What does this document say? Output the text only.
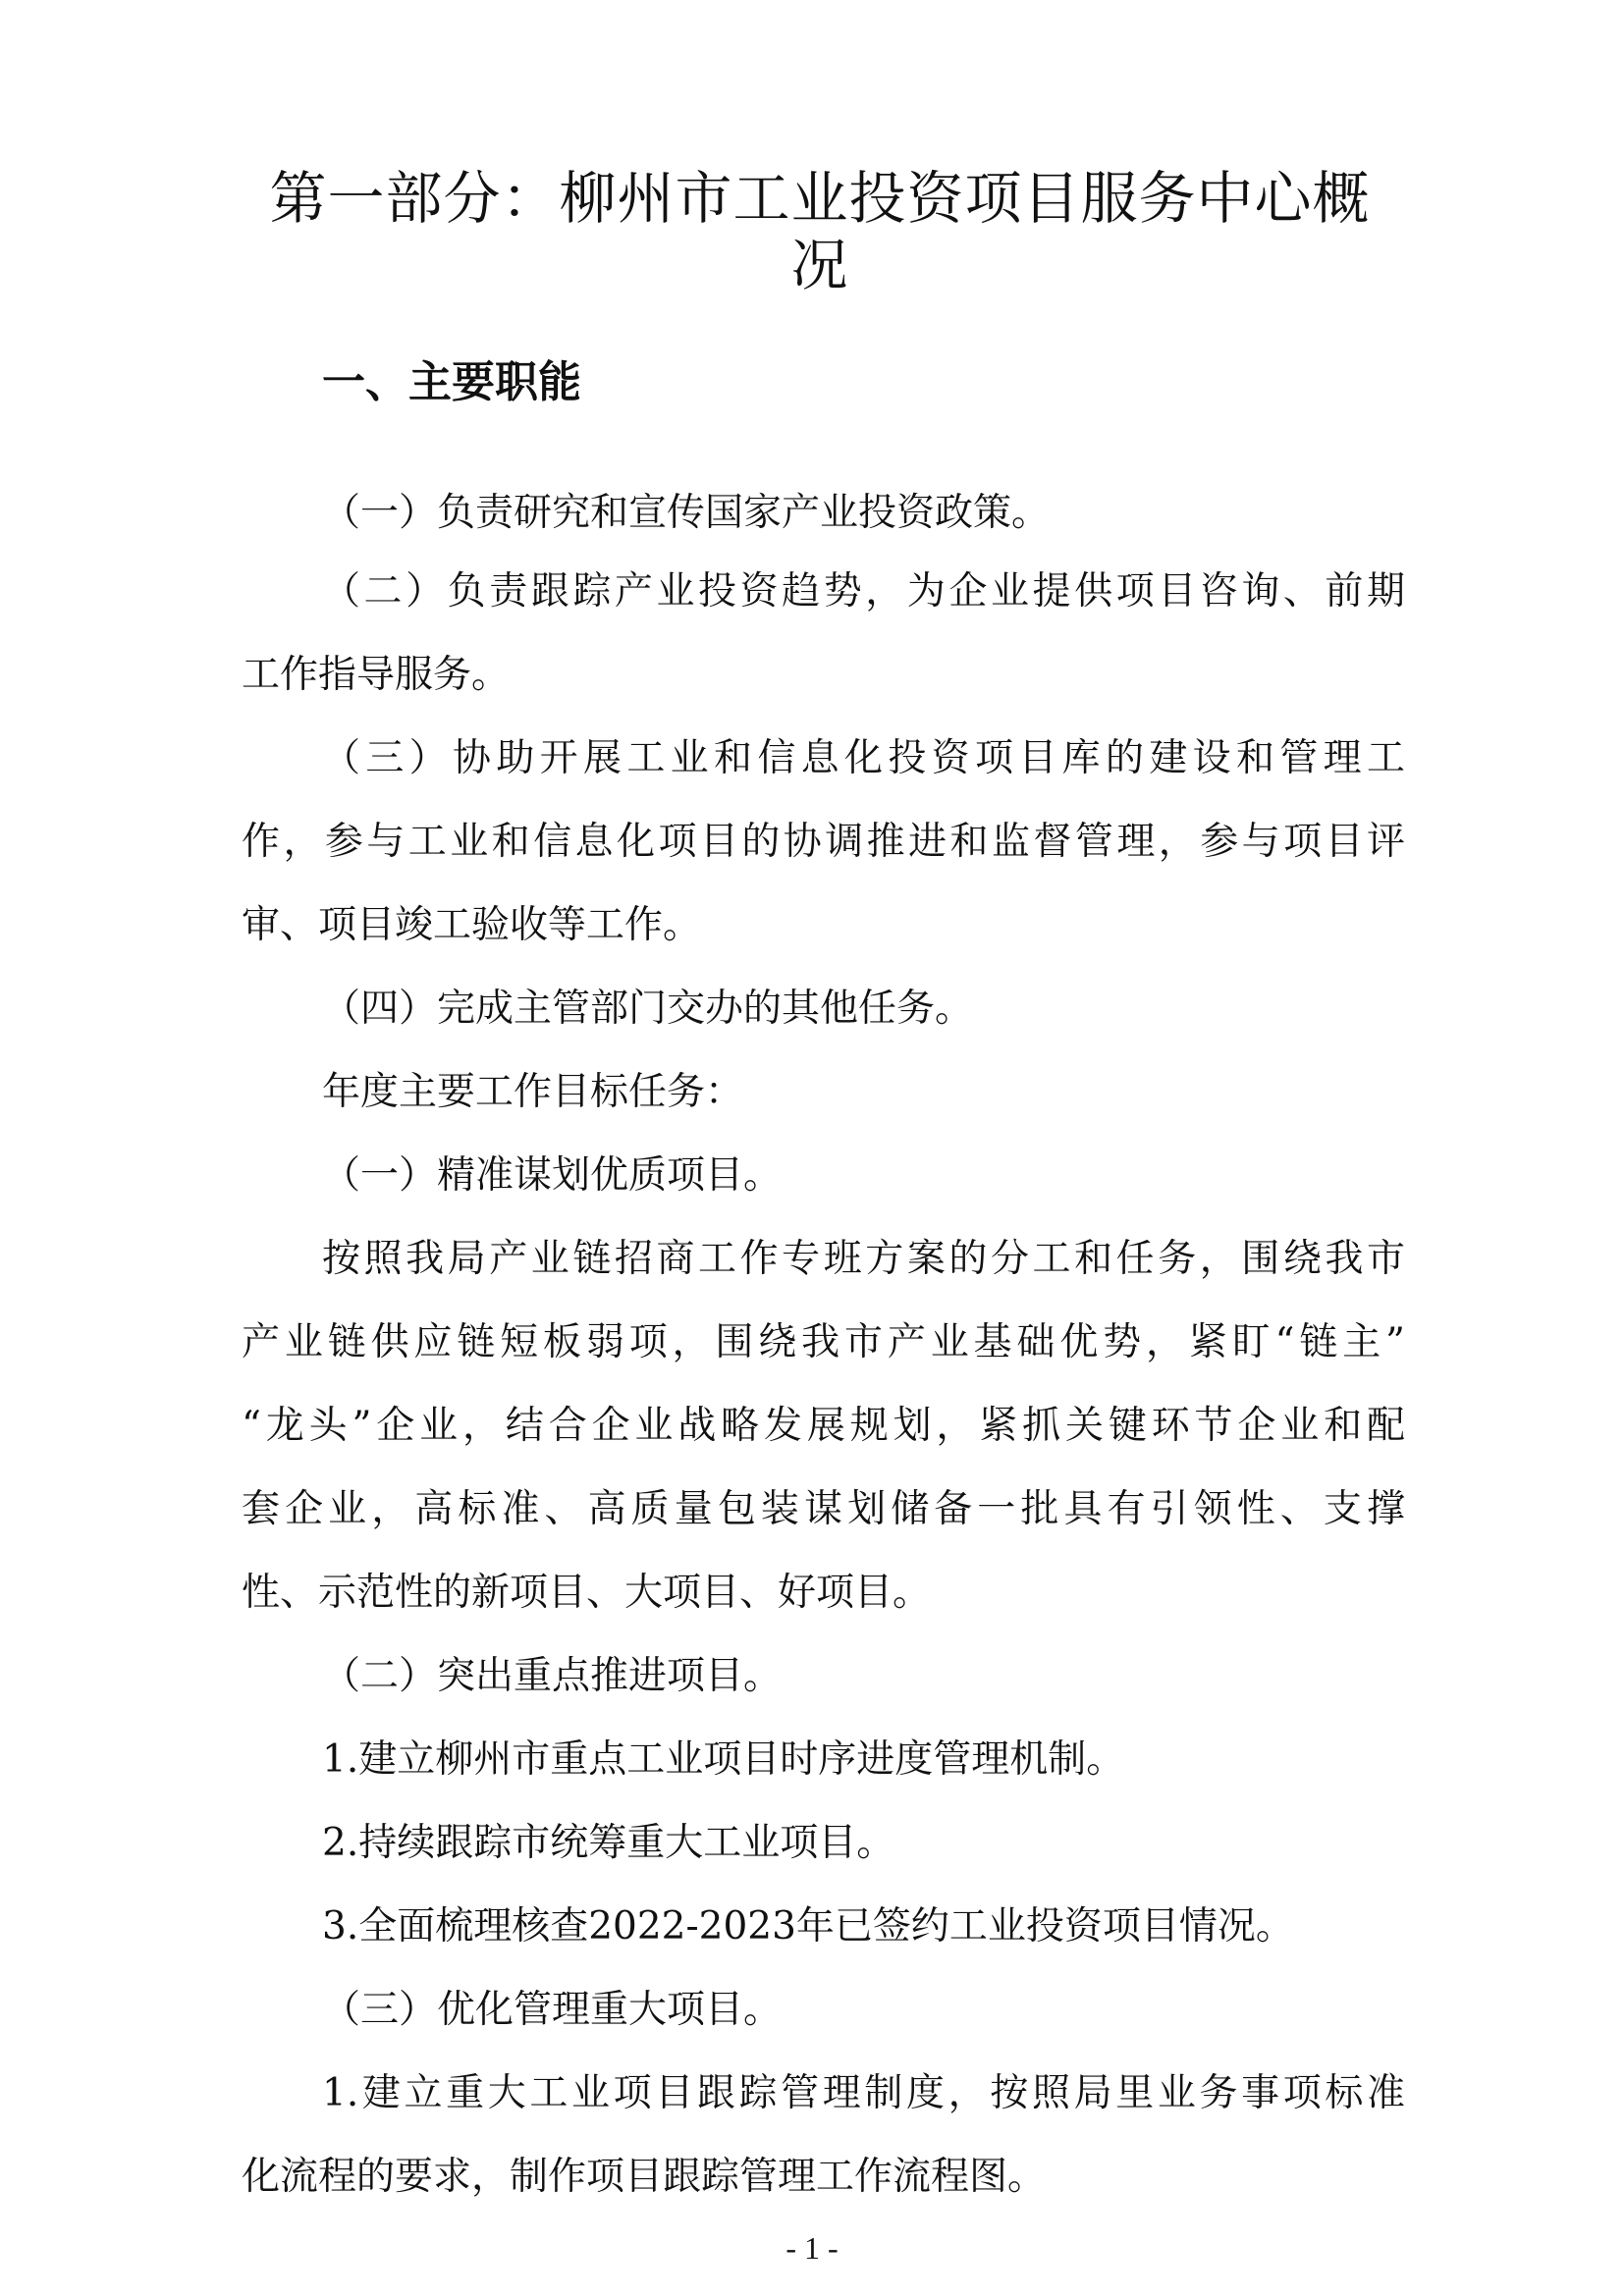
第一部分：柳州市工业投资项目服务中心概
况
一、主要职能

（一）负责研究和宣传国家产业投资政策。

（二）负责跟踪产业投资趋势，为企业提供项目咨询、前期

工作指导服务。

（三）协助开展工业和信息化投资项目库的建设和管理工

作，参与工业和信息化项目的协调推进和监督管理，参与项目评

审、项目竣工验收等工作。

（四）完成主管部门交办的其他任务。

年度主要工作目标任务：

（一）精准谋划优质项目。

按照我局产业链招商工作专班方案的分工和任务，围绕我市

产业链供应链短板弱项，围绕我市产业基础优势，紧盯“链主”

“龙头”企业，结合企业战略发展规划，紧抓关键环节企业和配

套企业，高标准、高质量包装谋划储备一批具有引领性、支撑

性、示范性的新项目、大项目、好项目。

（二）突出重点推进项目。

1.建立柳州市重点工业项目时序进度管理机制。

2.持续跟踪市统筹重大工业项目。

3.全面梳理核查2022-2023年已签约工业投资项目情况。

（三）优化管理重大项目。

1.建立重大工业项目跟踪管理制度，按照局里业务事项标准

化流程的要求，制作项目跟踪管理工作流程图。

- 1 -
